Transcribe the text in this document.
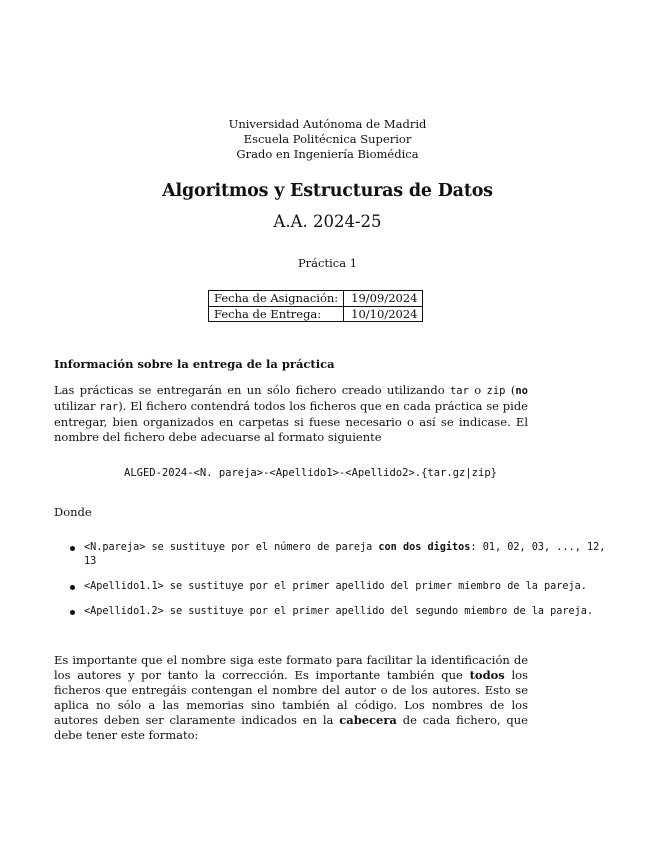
Universidad Autónoma de Madrid
Escuela Politécnica Superior
Grado en Ingeniería Biomédica
Algoritmos y Estructuras de Datos
A.A. 2024-25
Práctica 1
Fecha de Asignación:	19/09/2024
Fecha de Entrega:	10/10/2024
Información sobre la entrega de la práctica
Las prácticas se entregarán en un sólo fichero creado utilizando tar o zip (no utilizar rar). El fichero contendrá todos los ficheros que en cada práctica se pide entregar, bien organizados en carpetas si fuese necesario o así se indicase. El nombre del fichero debe adecuarse al formato siguiente
ALGED-2024-<N. pareja>-<Apellido1>-<Apellido2>.{tar.gz|zip}
Donde
<N.pareja> se sustituye por el número de pareja con dos digitos: 01, 02, 03, ..., 12, 13
<Apellido1.1> se sustituye por el primer apellido del primer miembro de la pareja.
<Apellido1.2> se sustituye por el primer apellido del segundo miembro de la pareja.
Es importante que el nombre siga este formato para facilitar la identificación de los autores y por tanto la corrección. Es importante también que todos los ficheros que entregáis contengan el nombre del autor o de los autores. Esto se aplica no sólo a las memorias sino también al código. Los nombres de los autores deben ser claramente indicados en la cabecera de cada fichero, que debe tener este formato:
